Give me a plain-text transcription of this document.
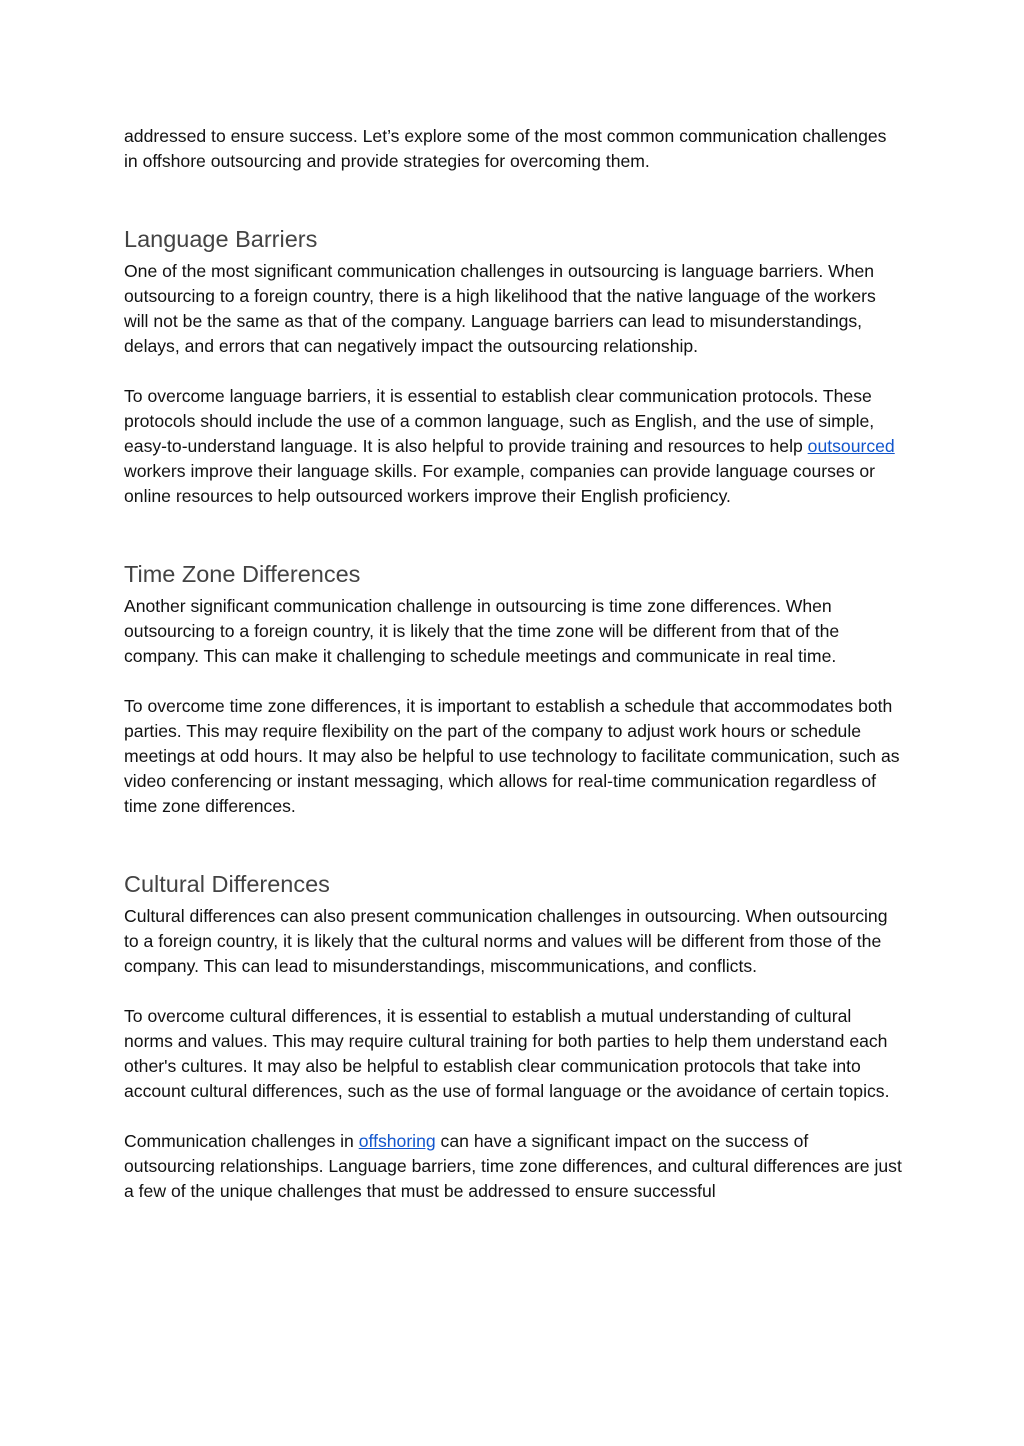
addressed to ensure success. Let’s explore some of the most common communication challenges in offshore outsourcing and provide strategies for overcoming them.

Language Barriers

One of the most significant communication challenges in outsourcing is language barriers. When outsourcing to a foreign country, there is a high likelihood that the native language of the workers will not be the same as that of the company. Language barriers can lead to misunderstandings, delays, and errors that can negatively impact the outsourcing relationship.

To overcome language barriers, it is essential to establish clear communication protocols. These protocols should include the use of a common language, such as English, and the use of simple, easy-to-understand language. It is also helpful to provide training and resources to help outsourced workers improve their language skills. For example, companies can provide language courses or online resources to help outsourced workers improve their English proficiency.

Time Zone Differences

Another significant communication challenge in outsourcing is time zone differences. When outsourcing to a foreign country, it is likely that the time zone will be different from that of the company. This can make it challenging to schedule meetings and communicate in real time.

To overcome time zone differences, it is important to establish a schedule that accommodates both parties. This may require flexibility on the part of the company to adjust work hours or schedule meetings at odd hours. It may also be helpful to use technology to facilitate communication, such as video conferencing or instant messaging, which allows for real-time communication regardless of time zone differences.

Cultural Differences

Cultural differences can also present communication challenges in outsourcing. When outsourcing to a foreign country, it is likely that the cultural norms and values will be different from those of the company. This can lead to misunderstandings, miscommunications, and conflicts.

To overcome cultural differences, it is essential to establish a mutual understanding of cultural norms and values. This may require cultural training for both parties to help them understand each other's cultures. It may also be helpful to establish clear communication protocols that take into account cultural differences, such as the use of formal language or the avoidance of certain topics.

Communication challenges in offshoring can have a significant impact on the success of outsourcing relationships. Language barriers, time zone differences, and cultural differences are just a few of the unique challenges that must be addressed to ensure successful
